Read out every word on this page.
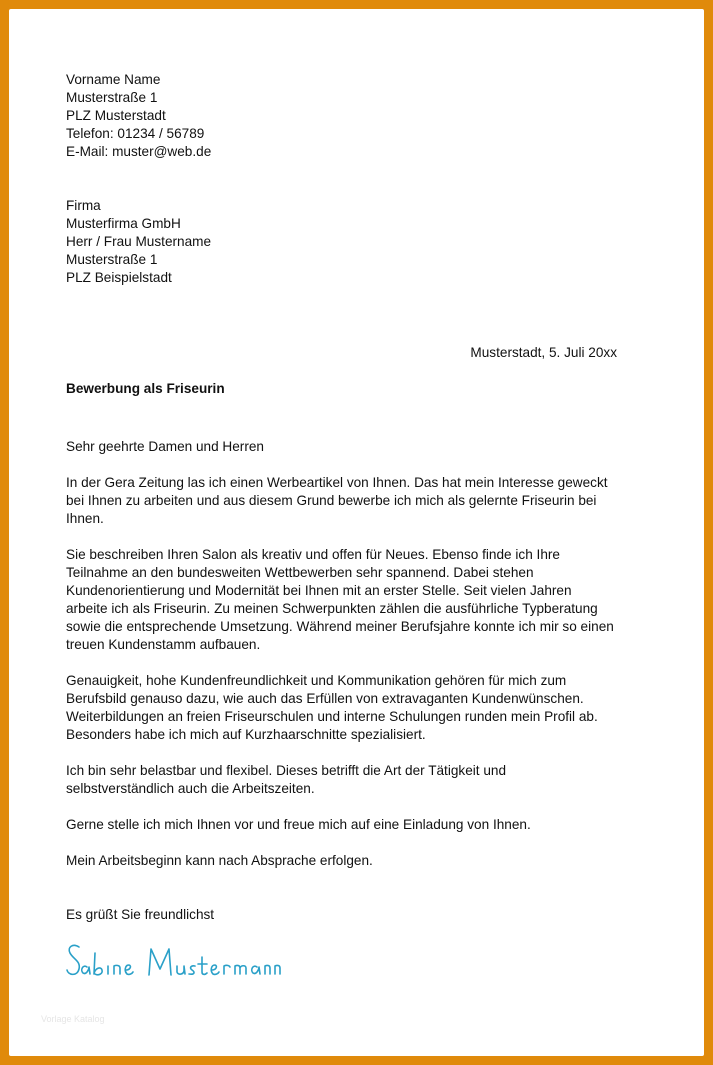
Vorname Name
Musterstraße 1
PLZ Musterstadt
Telefon: 01234 / 56789
E-Mail: muster@web.de
Firma
Musterfirma GmbH
Herr / Frau Mustername
Musterstraße 1
PLZ Beispielstadt
Musterstadt, 5. Juli 20xx
Bewerbung als Friseurin
Sehr geehrte Damen und Herren
In der Gera Zeitung las ich einen Werbeartikel von Ihnen. Das hat mein Interesse geweckt
bei Ihnen zu arbeiten und aus diesem Grund bewerbe ich mich als gelernte Friseurin bei
Ihnen.
Sie beschreiben Ihren Salon als kreativ und offen für Neues. Ebenso finde ich Ihre
Teilnahme an den bundesweiten Wettbewerben sehr spannend. Dabei stehen
Kundenorientierung und Modernität bei Ihnen mit an erster Stelle. Seit vielen Jahren
arbeite ich als Friseurin. Zu meinen Schwerpunkten zählen die ausführliche Typberatung
sowie die entsprechende Umsetzung. Während meiner Berufsjahre konnte ich mir so einen
treuen Kundenstamm aufbauen.
Genauigkeit, hohe Kundenfreundlichkeit und Kommunikation gehören für mich zum
Berufsbild genauso dazu, wie auch das Erfüllen von extravaganten Kundenwünschen.
Weiterbildungen an freien Friseurschulen und interne Schulungen runden mein Profil ab.
Besonders habe ich mich auf Kurzhaarschnitte spezialisiert.
Ich bin sehr belastbar und flexibel. Dieses betrifft die Art der Tätigkeit und
selbstverständlich auch die Arbeitszeiten.
Gerne stelle ich mich Ihnen vor und freue mich auf eine Einladung von Ihnen.
Mein Arbeitsbeginn kann nach Absprache erfolgen.
Es grüßt Sie freundlichst
Vorlage Katalog
